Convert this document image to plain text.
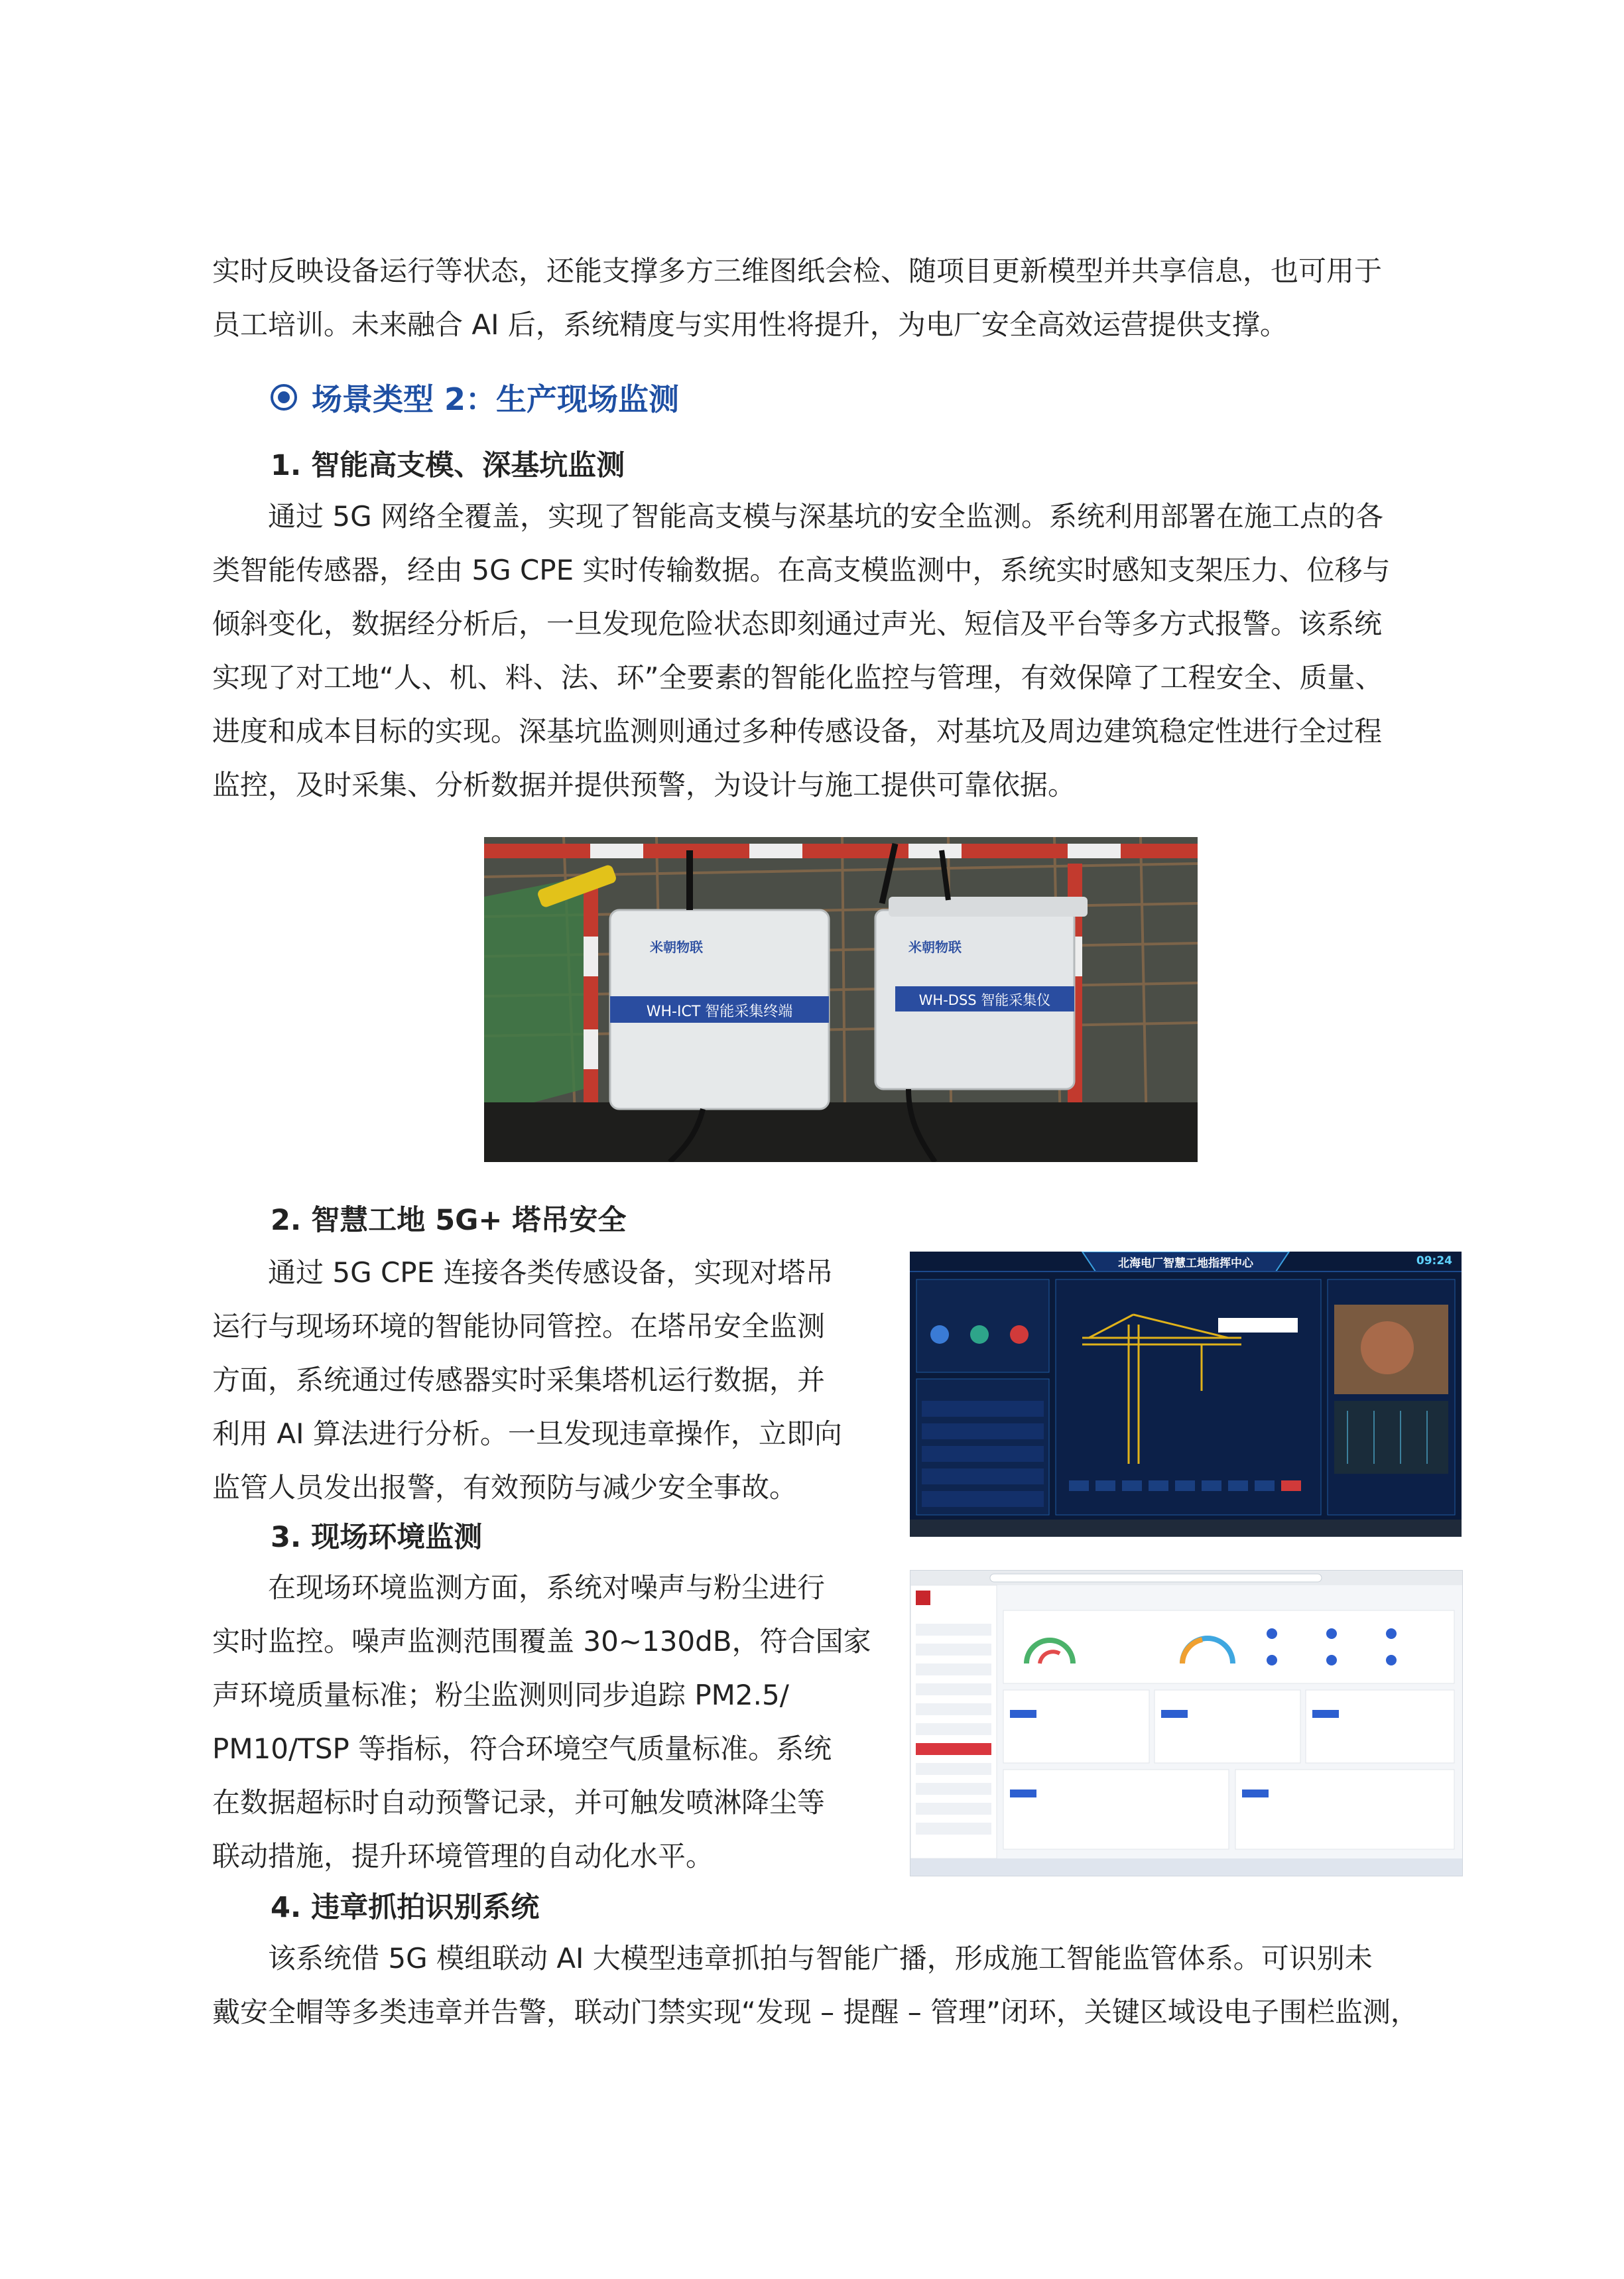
实时反映设备运行等状态，还能支撑多方三维图纸会检、随项目更新模型并共享信息，也可用于
员工培训。未来融合 AI 后，系统精度与实用性将提升，为电厂安全高效运营提供支撑。
场景类型 2：生产现场监测
1. 智能高支模、深基坑监测
　　通过 5G 网络全覆盖，实现了智能高支模与深基坑的安全监测。系统利用部署在施工点的各
类智能传感器，经由 5G CPE 实时传输数据。在高支模监测中，系统实时感知支架压力、位移与
倾斜变化，数据经分析后，一旦发现危险状态即刻通过声光、短信及平台等多方式报警。该系统
实现了对工地“人、机、料、法、环”全要素的智能化监控与管理，有效保障了工程安全、质量、
进度和成本目标的实现。深基坑监测则通过多种传感设备，对基坑及周边建筑稳定性进行全过程
监控，及时采集、分析数据并提供预警，为设计与施工提供可靠依据。
米朝物联
WH-ICT 智能采集终端
米朝物联
WH-DSS 智能采集仪
2. 智慧工地 5G+ 塔吊安全
　　通过 5G CPE 连接各类传感设备，实现对塔吊
运行与现场环境的智能协同管控。在塔吊安全监测
方面，系统通过传感器实时采集塔机运行数据，并
利用 AI 算法进行分析。一旦发现违章操作，立即向
监管人员发出报警，有效预防与减少安全事故。
北海电厂智慧工地指挥中心	09:24
3. 现场环境监测
　　在现场环境监测方面，系统对噪声与粉尘进行
实时监控。噪声监测范围覆盖 30~130dB，符合国家
声环境质量标准；粉尘监测则同步追踪 PM2.5/
PM10/TSP 等指标，符合环境空气质量标准。系统
在数据超标时自动预警记录，并可触发喷淋降尘等
联动措施，提升环境管理的自动化水平。
4. 违章抓拍识别系统
　　该系统借 5G 模组联动 AI 大模型违章抓拍与智能广播，形成施工智能监管体系。可识别未
戴安全帽等多类违章并告警，联动门禁实现“发现 – 提醒 – 管理”闭环，关键区域设电子围栏监测，
